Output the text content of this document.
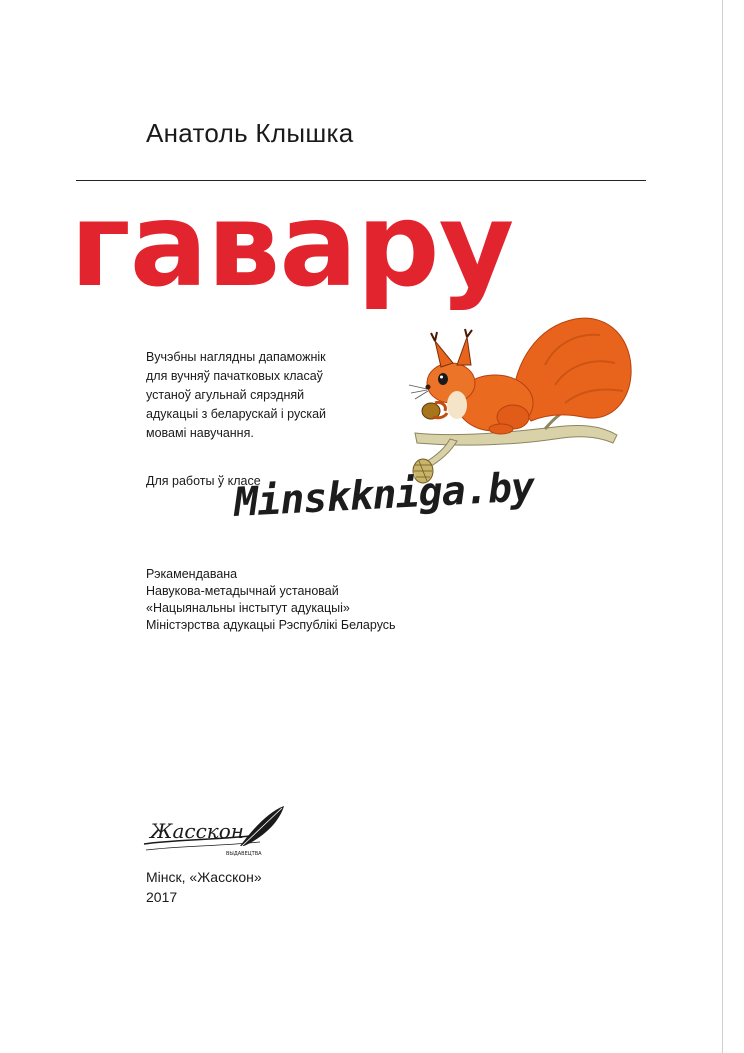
Анатоль Клышка
гавару
Вучэбны наглядны дапаможнік
для вучняў пачатковых класаў
устаноў агульнай сярэдняй
адукацыі з беларускай і рускай
мовамі навучання.
Для работы ў класе
Minskkniga.by
Рэкамендавана
Навукова-метадычнай установай
«Нацыянальны інстытут адукацыі»
Міністэрства адукацыі Рэспублікі Беларусь
Жасскон
ВЫДАВЕЦТВА
Мінск, «Жасскон»
2017
